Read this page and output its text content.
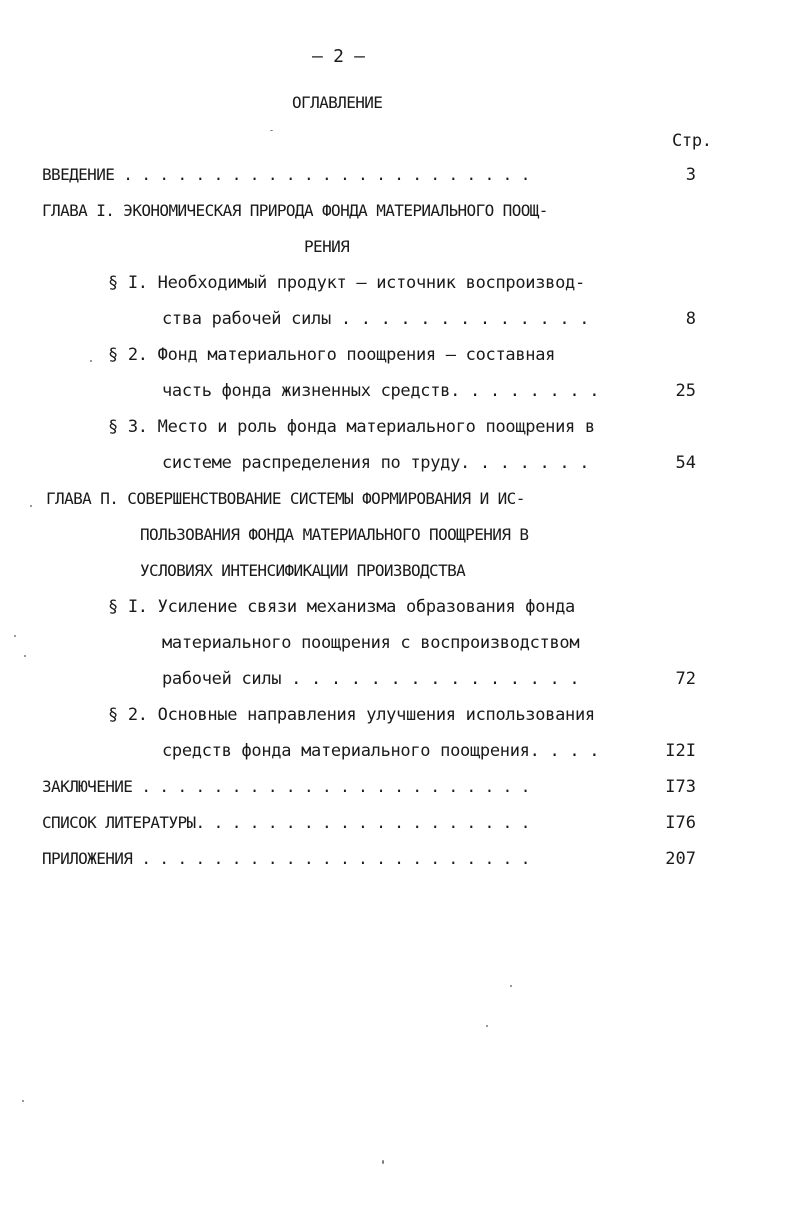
– 2 –
ОГЛАВЛЕНИЕ
Стр.
ВВЕДЕНИЕ . . . . . . . . . . . . . . . . . . . . . . .	3
ГЛАВА I. ЭКОНОМИЧЕСКАЯ ПРИРОДА ФОНДА МАТЕРИАЛЬНОГО ПООЩ-
РЕНИЯ
§ I. Необходимый продукт – источник воспроизвод-
ства рабочей силы . . . . . . . . . . . . .	8
§ 2. Фонд материального поощрения – составная
часть фонда жизненных средств. . . . . . . .	25
§ 3. Место и роль фонда материального поощрения в
системе распределения по труду. . . . . . .	54
ГЛАВА П. СОВЕРШЕНСТВОВАНИЕ СИСТЕМЫ ФОРМИРОВАНИЯ И ИС-
ПОЛЬЗОВАНИЯ ФОНДА МАТЕРИАЛЬНОГО ПООЩРЕНИЯ В
УСЛОВИЯХ ИНТЕНСИФИКАЦИИ ПРОИЗВОДСТВА
§ I. Усиление связи механизма образования фонда
материального поощрения с воспроизводством
рабочей силы . . . . . . . . . . . . . . .	72
§ 2. Основные направления улучшения использования
средств фонда материального поощрения. . . .	I2I
ЗАКЛЮЧЕНИЕ . . . . . . . . . . . . . . . . . . . . . .	I73
СПИСОК ЛИТЕРАТУРЫ. . . . . . . . . . . . . . . . . . .	I76
ПРИЛОЖЕНИЯ . . . . . . . . . . . . . . . . . . . . . .	207
